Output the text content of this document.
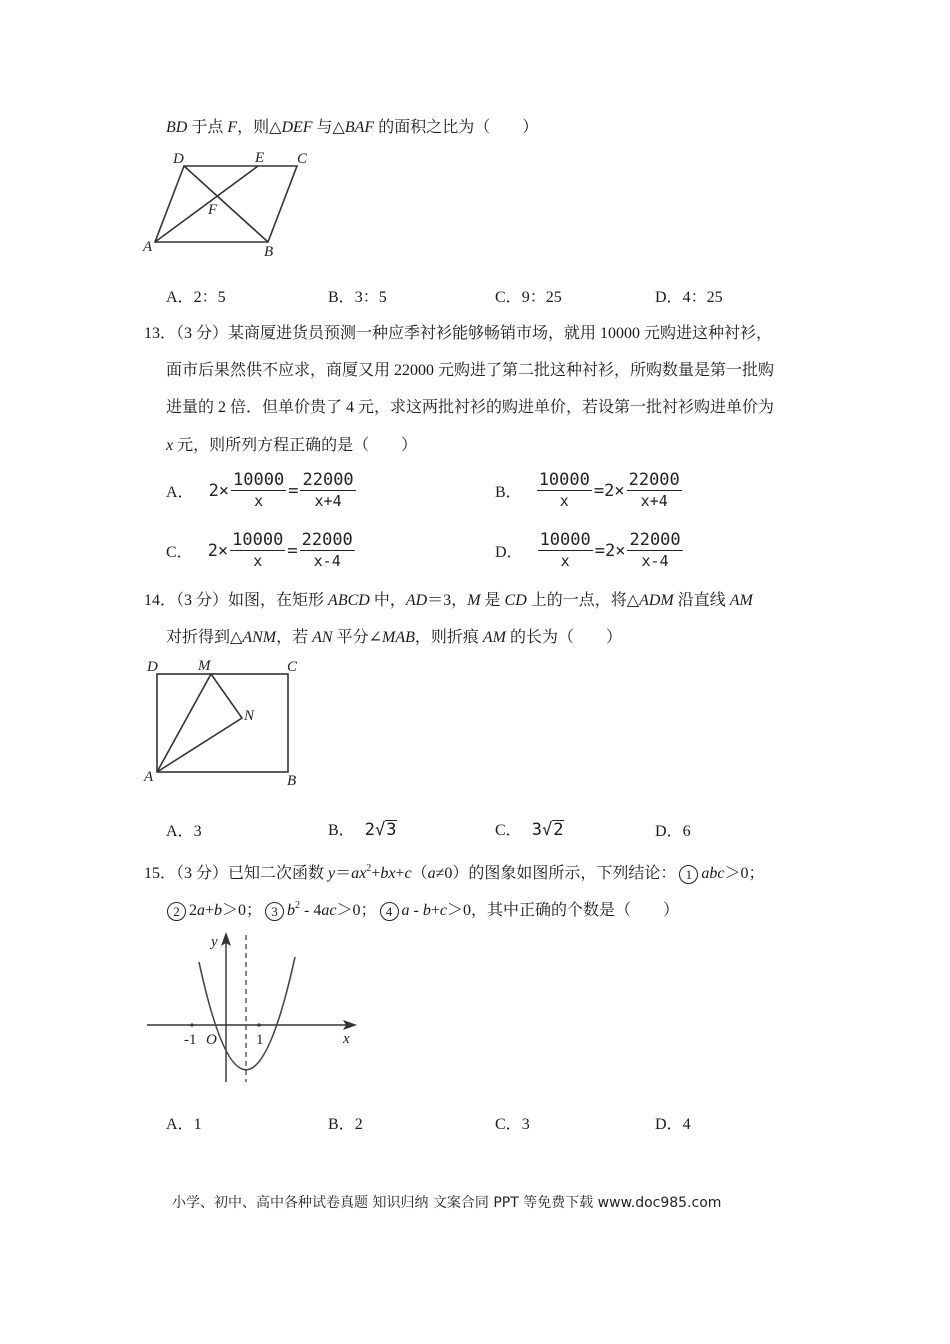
BD 于点 F，则△DEF 与△BAF 的面积之比为（　　）
D	E C
F
A	B
D	M	C
N
A	B
y
x
O
-1	1
A．2：5	B．3：5	C．9：25	D．4：25
13．（3 分）某商厦进货员预测一种应季衬衫能够畅销市场，就用 10000 元购进这种衬衫，
面市后果然供不应求，商厦又用 22000 元购进了第二批这种衬衫，所购数量是第一批购
进量的 2 倍．但单价贵了 4 元，求这两批衬衫的购进单价，若设第一批衬衫购进单价为
x 元，则所列方程正确的是（　　）
A． $2\times \frac{10000}{x} = \frac{22000}{x+4}$	B． $\frac{10000}{x} =2\times \frac{22000}{x+4}$
C． $2\times \frac{10000}{x} = \frac{22000}{x-4}$	D． $\frac{10000}{x} =2\times \frac{22000}{x-4}$
14．（3 分）如图，在矩形 ABCD 中，AD＝3，M 是 CD 上的一点，将△ADM 沿直线 AM
对折得到△ANM，若 AN 平分∠MAB，则折痕 AM 的长为（　　）
A．3	B． 2 √ 3	C． 3 √ 2	D．6
15．（3 分）已知二次函数 $y=ax^2+bx+c(a\ne 0)$的图象如图所示，下列结论： 1 abc＞0；
2 2a+b＞0； 3 $b^2 - 4ac>0$； 4 a - b+c＞0，其中正确的个数是（　　）
A．1	B．2	C．3	D．4
小学、初中、高中各种试卷真题 知识归纳 文案合同 PPT 等免费下载 www.doc985.com
